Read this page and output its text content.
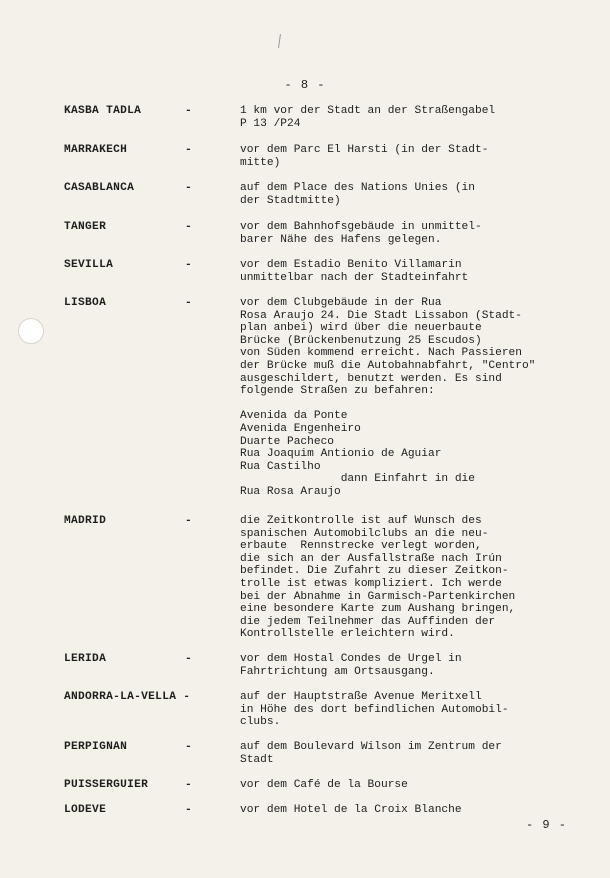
- 8 -
KASBA TADLA	-	1 km vor der Stadt an der Straßengabel
P 13 /P24
MARRAKECH	-	vor dem Parc El Harsti (in der Stadt-
mitte)
CASABLANCA	-	auf dem Place des Nations Unies (in
der Stadtmitte)
TANGER	-	vor dem Bahnhofsgebäude in unmittel-
barer Nähe des Hafens gelegen.
SEVILLA	-	vor dem Estadio Benito Villamarin
unmittelbar nach der Stadteinfahrt
LISBOA	-	vor dem Clubgebäude in der Rua
Rosa Araujo 24. Die Stadt Lissabon (Stadt-
plan anbei) wird über die neuerbaute
Brücke (Brückenbenutzung 25 Escudos)
von Süden kommend erreicht. Nach Passieren
der Brücke muß die Autobahnabfahrt, "Centro"
ausgeschildert, benutzt werden. Es sind
folgende Straßen zu befahren:
Avenida da Ponte
Avenida Engenheiro
Duarte Pacheco
Rua Joaquim Antionio de Aguiar
Rua Castilho
dann Einfahrt in die
Rua Rosa Araujo
MADRID	-	die Zeitkontrolle ist auf Wunsch des
spanischen Automobilclubs an die neu-
erbaute  Rennstrecke verlegt worden,
die sich an der Ausfallstraße nach Irún
befindet. Die Zufahrt zu dieser Zeitkon-
trolle ist etwas kompliziert. Ich werde
bei der Abnahme in Garmisch-Partenkirchen
eine besondere Karte zum Aushang bringen,
die jedem Teilnehmer das Auffinden der
Kontrollstelle erleichtern wird.
LERIDA	-	vor dem Hostal Condes de Urgel in
Fahrtrichtung am Ortsausgang.
ANDORRA-LA-VELLA -	auf der Hauptstraße Avenue Meritxell
in Höhe des dort befindlichen Automobil-
clubs.
PERPIGNAN	-	auf dem Boulevard Wilson im Zentrum der
Stadt
PUISSERGUIER	-	vor dem Café de la Bourse
LODEVE	-	vor dem Hotel de la Croix Blanche
- 9 -
